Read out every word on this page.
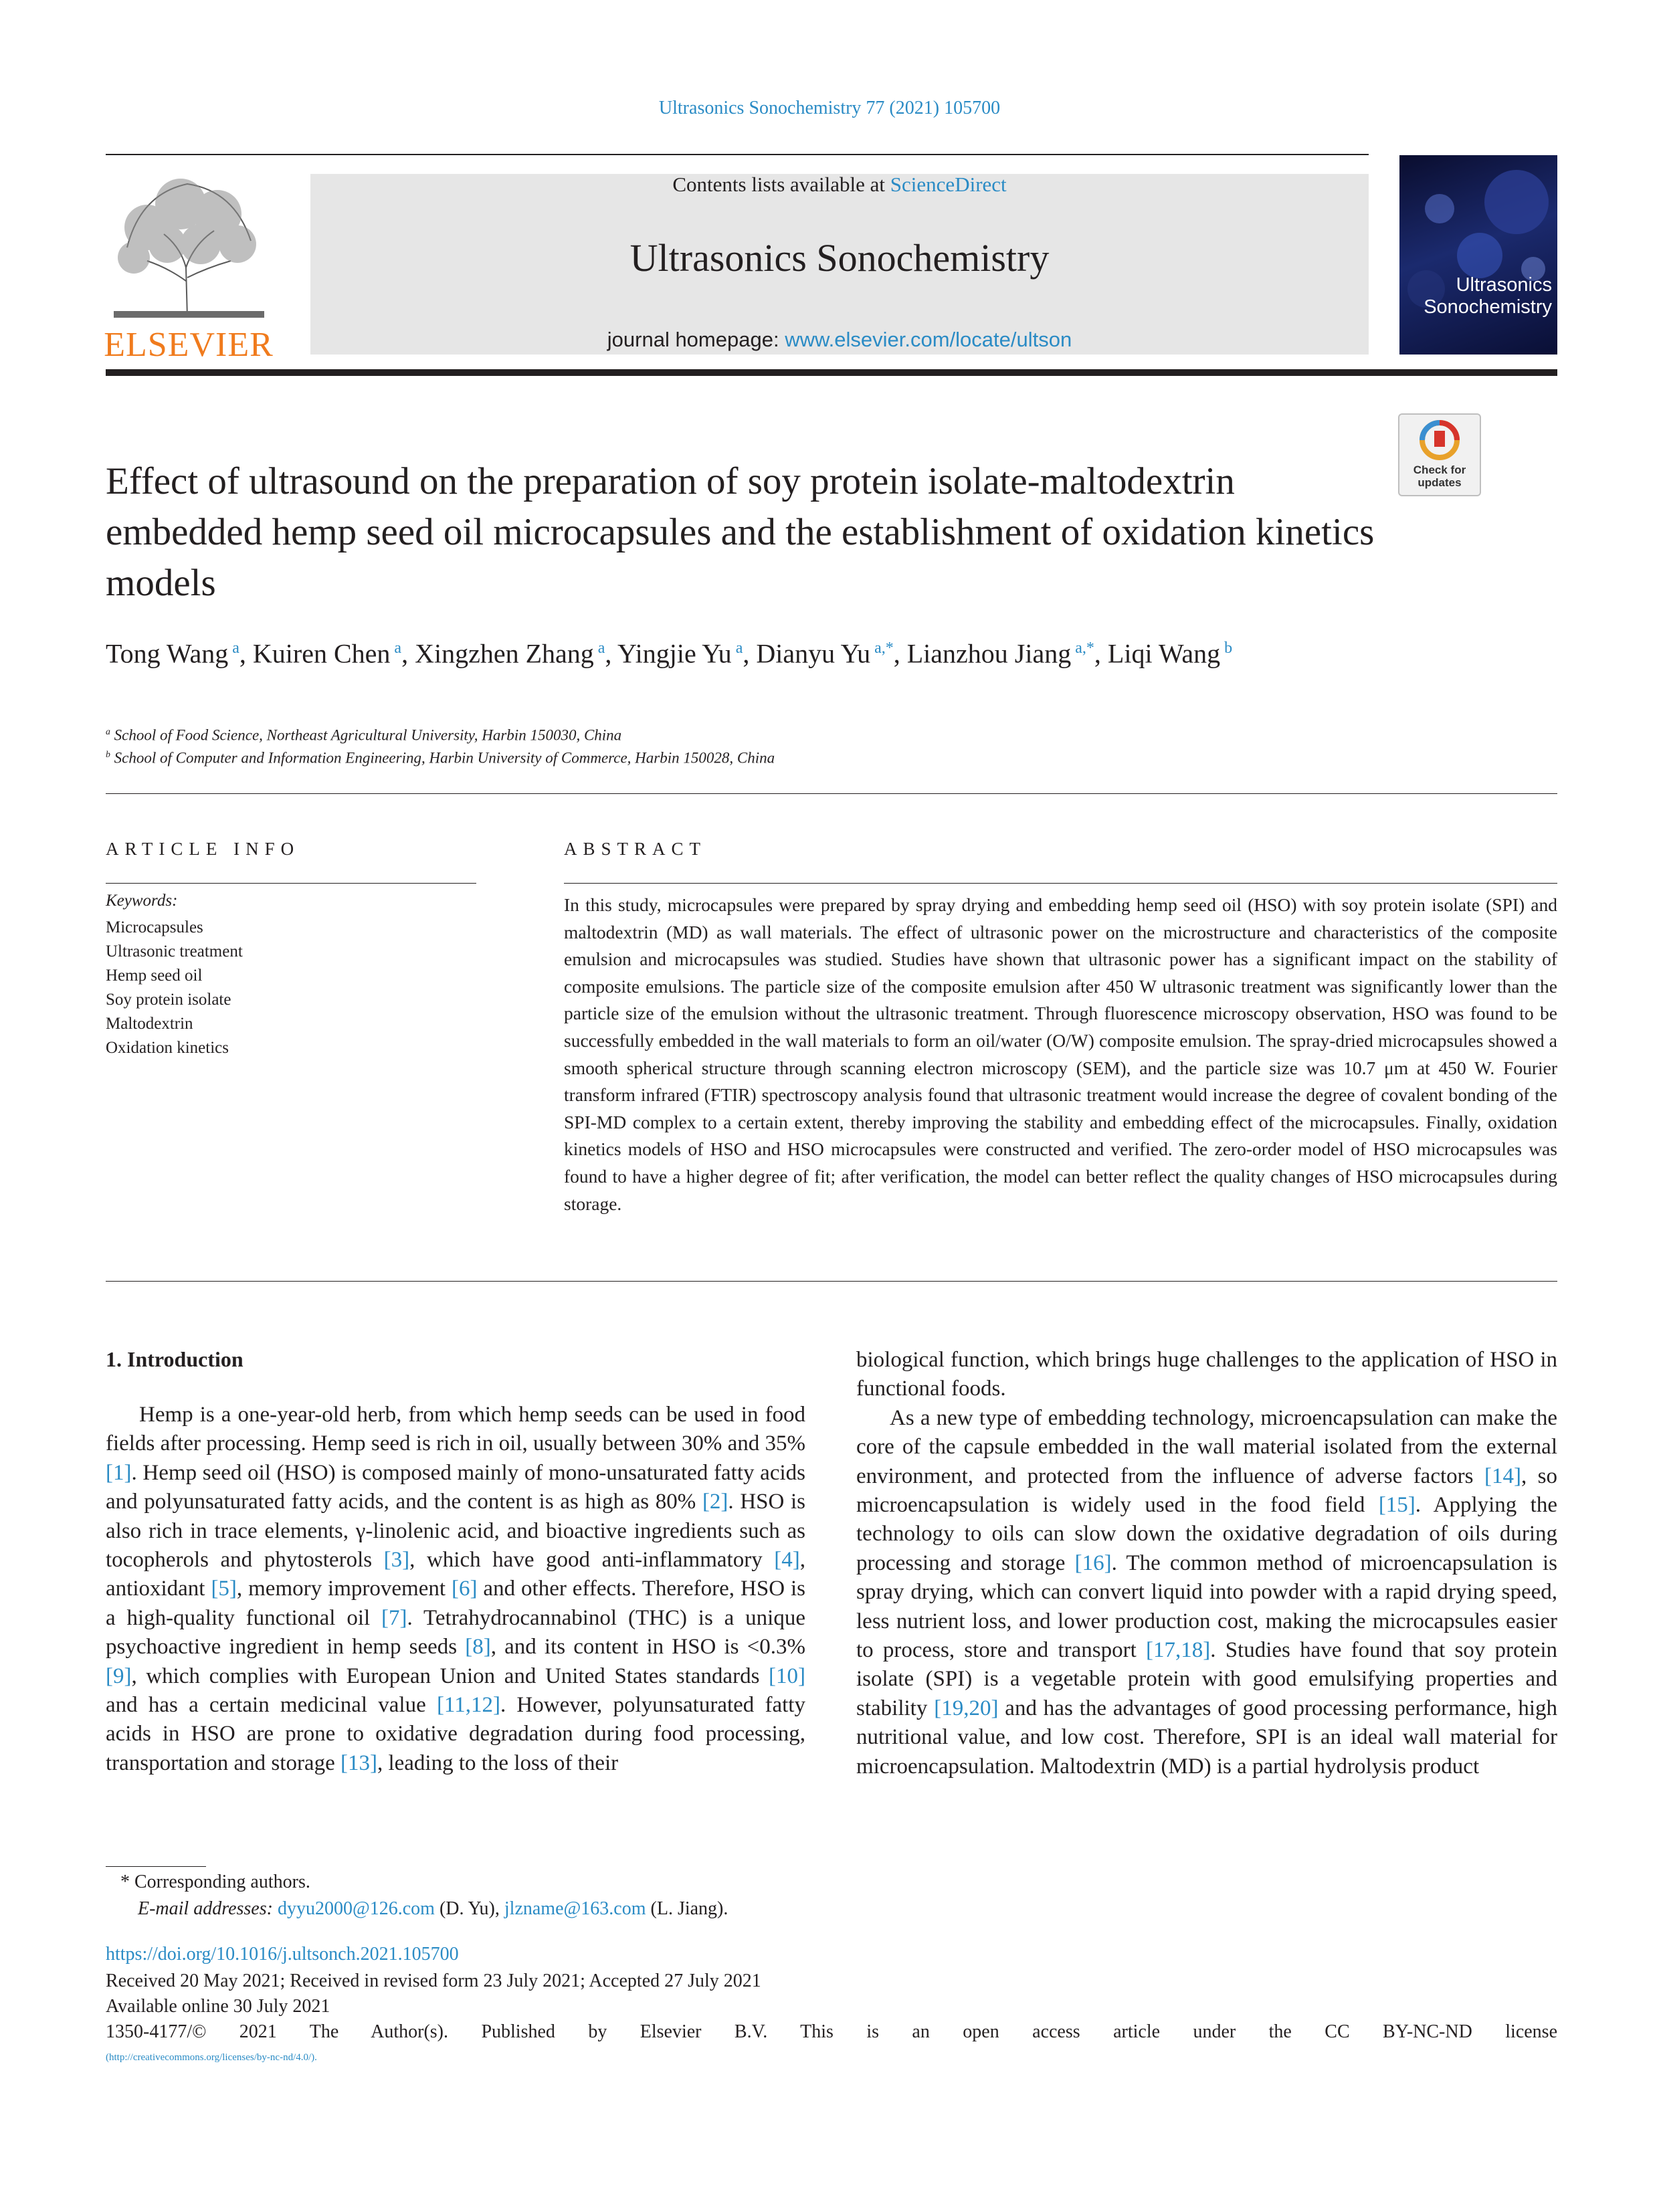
Ultrasonics Sonochemistry 77 (2021) 105700
ELSEVIER
Contents lists available at ScienceDirect
Ultrasonics Sonochemistry
journal homepage: www.elsevier.com/locate/ultson
Ultrasonics
Sonochemistry
Check for
updates
Effect of ultrasound on the preparation of soy protein isolate-maltodextrin embedded hemp seed oil microcapsules and the establishment of oxidation kinetics models
Tong Wang $^a$, Kuiren Chen $^a$, Xingzhen Zhang $^a$, Yingjie Yu $^a$, Dianyu Yu $^{a,*}$, Lianzhou Jiang $^{a,*}$, Liqi Wang $^b$
$^a$ School of Food Science, Northeast Agricultural University, Harbin 150030, China
$^b$ School of Computer and Information Engineering, Harbin University of Commerce, Harbin 150028, China
ARTICLE INFO
Keywords:
Microcapsules
Ultrasonic treatment
Hemp seed oil
Soy protein isolate
Maltodextrin
Oxidation kinetics
ABSTRACT
In this study, microcapsules were prepared by spray drying and embedding hemp seed oil (HSO) with soy protein isolate (SPI) and maltodextrin (MD) as wall materials. The effect of ultrasonic power on the microstructure and characteristics of the composite emulsion and microcapsules was studied. Studies have shown that ultrasonic power has a significant impact on the stability of composite emulsions. The particle size of the composite emulsion after 450 W ultrasonic treatment was significantly lower than the particle size of the emulsion without the ultrasonic treatment. Through fluorescence microscopy observation, HSO was found to be successfully embedded in the wall materials to form an oil/water (O/W) composite emulsion. The spray-dried microcapsules showed a smooth spherical structure through scanning electron microscopy (SEM), and the particle size was 10.7 μm at 450 W. Fourier transform infrared (FTIR) spectroscopy analysis found that ultrasonic treatment would increase the degree of covalent bonding of the SPI-MD complex to a certain extent, thereby improving the stability and embedding effect of the microcapsules. Finally, oxidation kinetics models of HSO and HSO microcapsules were constructed and verified. The zero-order model of HSO microcapsules was found to have a higher degree of fit; after verification, the model can better reflect the quality changes of HSO microcapsules during storage.
1. Introduction

Hemp is a one-year-old herb, from which hemp seeds can be used in food fields after processing. Hemp seed is rich in oil, usually between 30% and 35% [1]. Hemp seed oil (HSO) is composed mainly of mono-unsaturated fatty acids and polyunsaturated fatty acids, and the content is as high as 80% [2]. HSO is also rich in trace elements, γ-linolenic acid, and bioactive ingredients such as tocopherols and phytosterols [3], which have good anti-inflammatory [4], antioxidant [5], memory improvement [6] and other effects. Therefore, HSO is a high-quality functional oil [7]. Tetrahydrocannabinol (THC) is a unique psychoactive ingredient in hemp seeds [8], and its content in HSO is <0.3% [9], which complies with European Union and United States standards [10] and has a certain medicinal value [11,12]. However, polyunsaturated fatty acids in HSO are prone to oxidative degradation during food processing, transportation and storage [13], leading to the loss of their

biological function, which brings huge challenges to the application of HSO in functional foods.

As a new type of embedding technology, microencapsulation can make the core of the capsule embedded in the wall material isolated from the external environment, and protected from the influence of adverse factors [14], so microencapsulation is widely used in the food field [15]. Applying the technology to oils can slow down the oxidative degradation of oils during processing and storage [16]. The common method of microencapsulation is spray drying, which can convert liquid into powder with a rapid drying speed, less nutrient loss, and lower production cost, making the microcapsules easier to process, store and transport [17,18]. Studies have found that soy protein isolate (SPI) is a vegetable protein with good emulsifying properties and stability [19,20] and has the advantages of good processing performance, high nutritional value, and low cost. Therefore, SPI is an ideal wall material for microencapsulation. Maltodextrin (MD) is a partial hydrolysis product

* Corresponding authors.
E-mail addresses: dyyu2000@126.com (D. Yu), jlzname@163.com (L. Jiang).
https://doi.org/10.1016/j.ultsonch.2021.105700
Received 20 May 2021; Received in revised form 23 July 2021; Accepted 27 July 2021
Available online 30 July 2021
1350-4177/© 2021 The Author(s). Published by Elsevier B.V. This is an open access article under the CC BY-NC-ND license
(http://creativecommons.org/licenses/by-nc-nd/4.0/).
